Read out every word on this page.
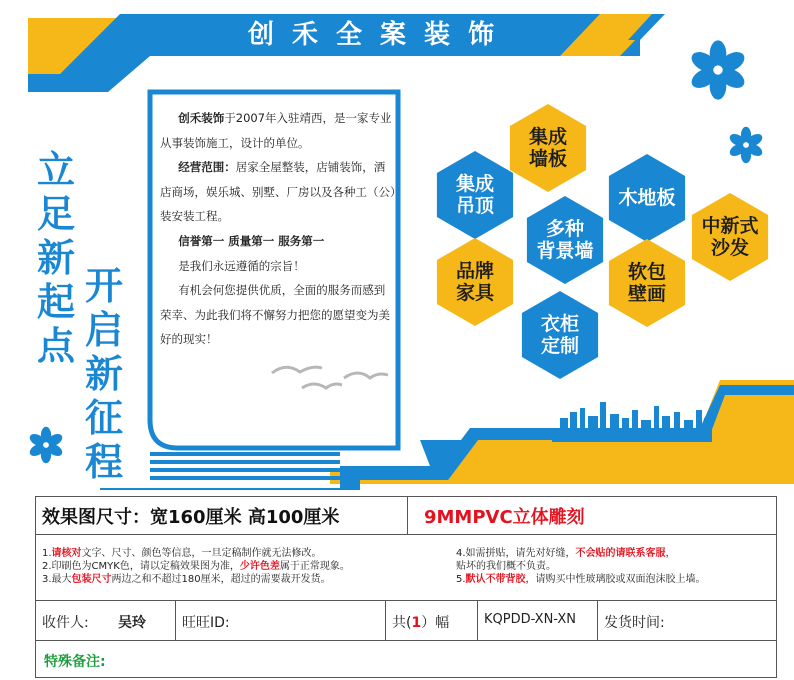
创禾全案装饰
立足新起点
开启新征程

创禾装饰于2007年入驻靖西，是一家专业从事装饰施工，设计的单位。

经营范围：居家全屋整装，店铺装饰，酒店商场，娱乐城、别墅、厂房以及各种工（公）装安装工程。

信誉第一 质量第一 服务第一

是我们永远遵循的宗旨！

有机会何您提供优质，全面的服务而感到荣幸、为此我们将不懈努力把您的愿望变为美好的现实！

集成
墙板
集成
吊顶	木地板
多种
背景墙
中新式
沙发
品牌
家具
软包
壁画
衣柜
定制
效果图尺寸：宽160厘米 高100厘米	9MMPVC立体雕刻
1.请核对文字、尺寸、颜色等信息，一旦定稿制作就无法修改。
2.印刷色为CMYK色，请以定稿效果图为准，少许色差属于正常现象。
3.最大包装尺寸两边之和不超过180厘米，超过的需要裁开发货。
4.如需拼贴，请先对好缝，不会贴的请联系客服，
贴坏的我们概不负责。
5.默认不带背胶，请购买中性玻璃胶或双面泡沫胶上墙。
收件人: 吴玲	旺旺ID:	共(1）幅	KQPDD-XN-XN 发货时间:
特殊备注:
